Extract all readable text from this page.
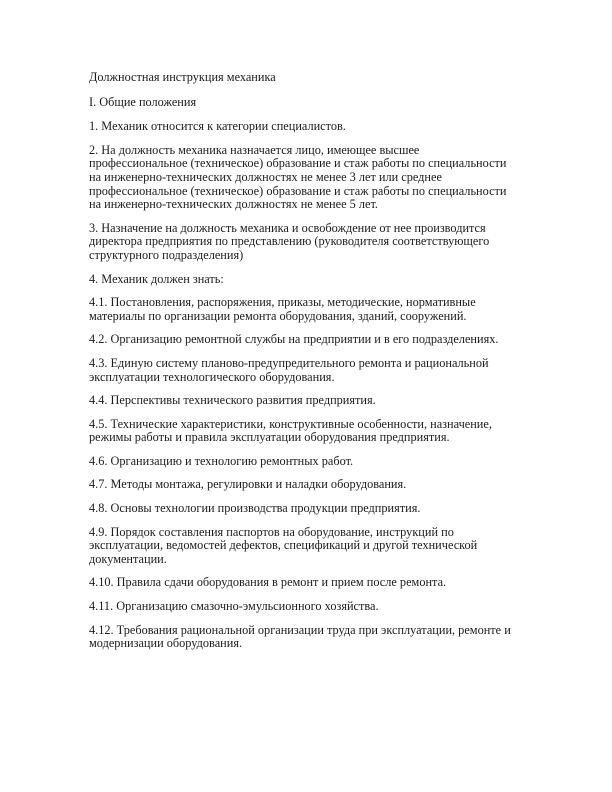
Должностная инструкция механика

I. Общие положения

1. Механик относится к категории специалистов.

2. На должность механика назначается лицо, имеющее высшее профессиональное (техническое) образование и стаж работы по специальности на инженерно-технических должностях не менее 3 лет или среднее профессиональное (техническое) образование и стаж работы по специальности на инженерно-технических должностях не менее 5 лет.

3. Назначение на должность механика и освобождение от нее производится директора предприятия по представлению (руководителя соответствующего структурного подразделения)

4. Механик должен знать:

4.1. Постановления, распоряжения, приказы, методические, нормативные материалы по организации ремонта оборудования, зданий, сооружений.

4.2. Организацию ремонтной службы на предприятии и в его подразделениях.

4.3. Единую систему планово-предупредительного ремонта и рациональной эксплуатации технологического оборудования.

4.4. Перспективы технического развития предприятия.

4.5. Технические характеристики, конструктивные особенности, назначение, режимы работы и правила эксплуатации оборудования предприятия.

4.6. Организацию и технологию ремонтных работ.

4.7. Методы монтажа, регулировки и наладки оборудования.

4.8. Основы технологии производства продукции предприятия.

4.9. Порядок составления паспортов на оборудование, инструкций по эксплуатации, ведомостей дефектов, спецификаций и другой технической документации.

4.10. Правила сдачи оборудования в ремонт и прием после ремонта.

4.11. Организацию смазочно-эмульсионного хозяйства.

4.12. Требования рациональной организации труда при эксплуатации, ремонте и модернизации оборудования.
